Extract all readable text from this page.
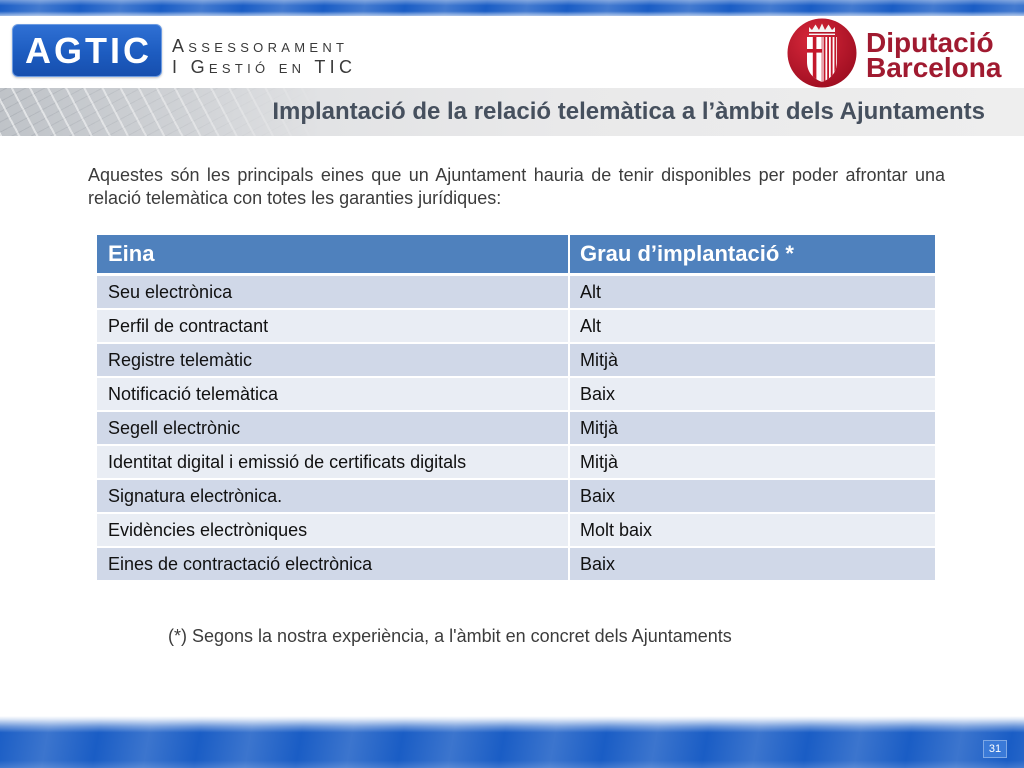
AGTIC Assessorament
I Gestió en TIC
Diputació
Barcelona
Implantació de la relació telemàtica a l’àmbit dels Ajuntaments

Aquestes són les principals eines que un Ajuntament hauria de tenir disponibles per poder afrontar una relació telemàtica con totes les garanties jurídiques:

Eina	Grau d’implantació *
Seu electrònica	Alt
Perfil de contractant	Alt
Registre telemàtic	Mitjà
Notificació telemàtica	Baix
Segell electrònic	Mitjà
Identitat digital i emissió de certificats digitals	Mitjà
Signatura electrònica.	Baix
Evidències electròniques	Molt baix
Eines de contractació electrònica	Baix

(*) Segons la nostra experiència, a l'àmbit en concret dels Ajuntaments

31
